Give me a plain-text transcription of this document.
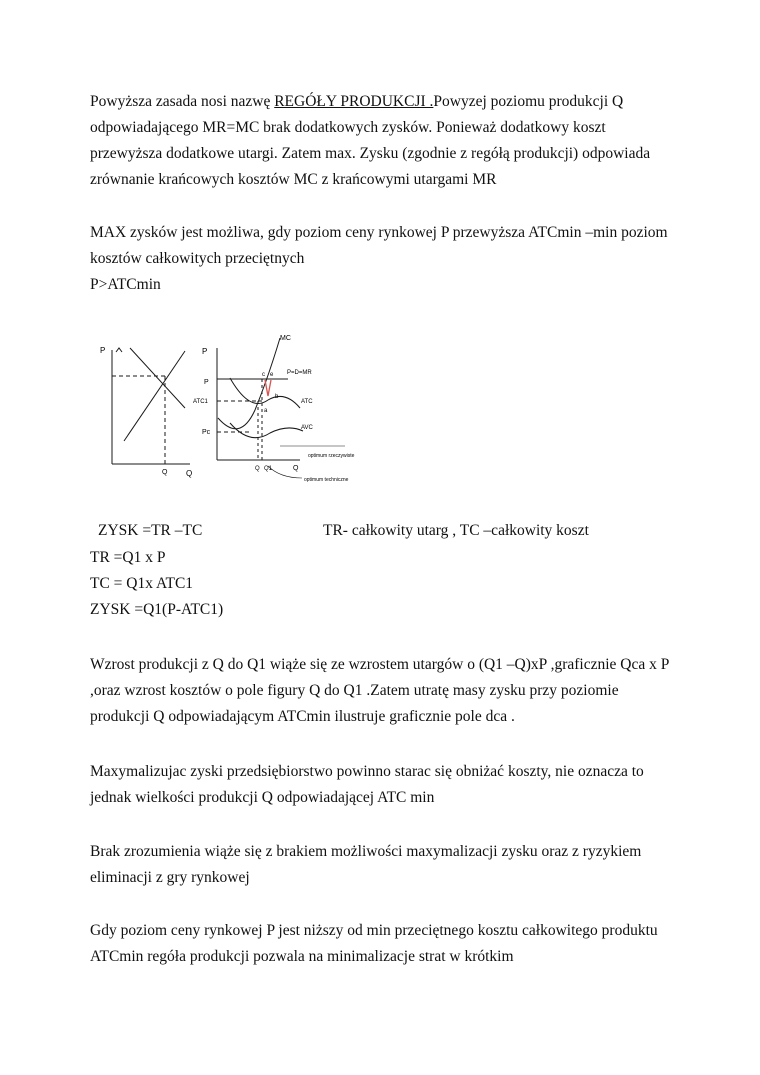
Powyższa zasada nosi nazwę REGÓŁY PRODUKCJI .Powyzej poziomu produkcji Q
odpowiadającego MR=MC brak dodatkowych zysków. Ponieważ dodatkowy koszt
przewyższa dodatkowe utargi. Zatem max. Zysku (zgodnie z regółą produkcji) odpowiada
zrównanie krańcowych kosztów MC z krańcowymi utargami MR

MAX zysków jest możliwa, gdy poziom ceny rynkowej P przewyższa ATCmin –min poziom
kosztów całkowitych przeciętnych
P>ATCmin

P
Q
Q
P
MC
P=D=MR
ATC
AVC
P
ATC1
Pc
c e
b
a
Q Q1	Q
optimum rzeczywiste
optimum techniczne
ZYSK =TR –TC	TR- całkowity utarg , TC –całkowity koszt
TR =Q1 x P
TC = Q1x ATC1
ZYSK =Q1(P-ATC1)

Wzrost produkcji z Q do Q1 wiąże się ze wzrostem utargów o (Q1 –Q)xP ,graficznie Qca x P
,oraz wzrost kosztów o pole figury Q do Q1 .Zatem utratę masy zysku przy poziomie
produkcji Q odpowiadającym ATCmin ilustruje graficznie pole dca .

Maxymalizujac zyski przedsiębiorstwo powinno starac się obniżać koszty, nie oznacza to
jednak wielkości produkcji Q odpowiadającej ATC min

Brak zrozumienia wiąże się z brakiem możliwości maxymalizacji zysku oraz z ryzykiem
eliminacji z gry rynkowej

Gdy poziom ceny rynkowej P jest niższy od min przeciętnego kosztu całkowitego produktu
ATCmin regóła produkcji pozwala na minimalizacje strat w krótkim
